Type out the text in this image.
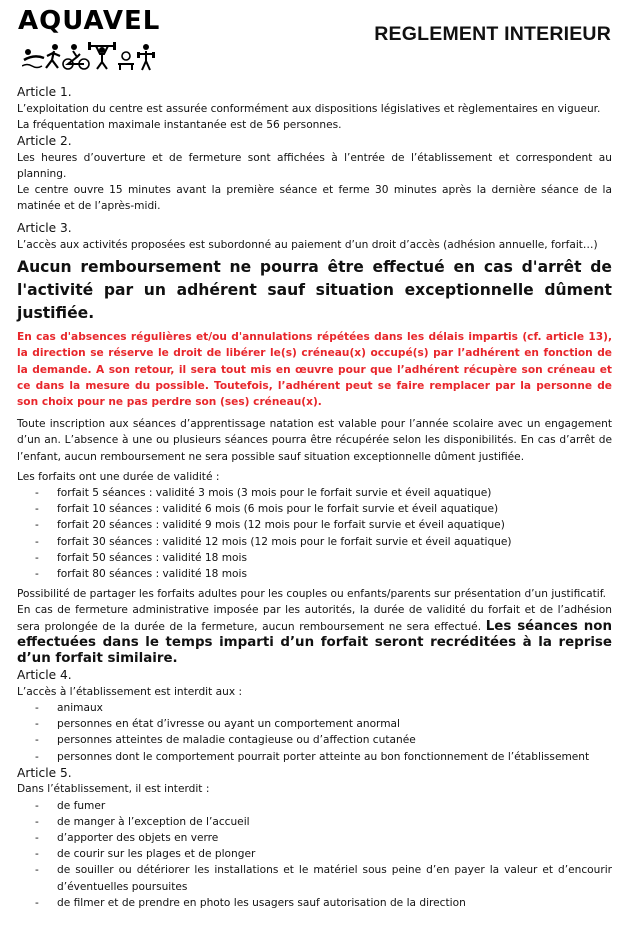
AQUAVEL	REGLEMENT INTERIEUR
Article 1.

L’exploitation du centre est assurée conformément aux dispositions législatives et règlementaires en vigueur.

La fréquentation maximale instantanée est de 56 personnes.

Article 2.

Les heures d’ouverture et de fermeture sont affichées à l’entrée de l’établissement et correspondent au planning.

Le centre ouvre 15 minutes avant la première séance et ferme 30 minutes après la dernière séance de la matinée et de l’après-midi.

Article 3.

L’accès aux activités proposées est subordonné au paiement d’un droit d’accès (adhésion annuelle, forfait…)

Aucun remboursement ne pourra être effectué en cas d'arrêt de l'activité par un adhérent sauf situation exceptionnelle dûment justifiée.

En cas d'absences régulières et/ou d'annulations répétées dans les délais impartis (cf. article 13), la direction se réserve le droit de libérer le(s) créneau(x) occupé(s) par l’adhérent en fonction de la demande. A son retour, il sera tout mis en œuvre pour que l’adhérent récupère son créneau et ce dans la mesure du possible. Toutefois, l’adhérent peut se faire remplacer par la personne de son choix pour ne pas perdre son (ses) créneau(x).

Toute inscription aux séances d’apprentissage natation est valable pour l’année scolaire avec un engagement d’un an. L’absence à une ou plusieurs séances pourra être récupérée selon les disponibilités. En cas d’arrêt de l’enfant, aucun remboursement ne sera possible sauf situation exceptionnelle dûment justifiée.

Les forfaits ont une durée de validité :

- forfait 5 séances : validité 3 mois (3 mois pour le forfait survie et éveil aquatique)
- forfait 10 séances : validité 6 mois (6 mois pour le forfait survie et éveil aquatique)
- forfait 20 séances : validité 9 mois (12 mois pour le forfait survie et éveil aquatique)
- forfait 30 séances : validité 12 mois (12 mois pour le forfait survie et éveil aquatique)
- forfait 50 séances : validité 18 mois
- forfait 80 séances : validité 18 mois

Possibilité de partager les forfaits adultes pour les couples ou enfants/parents sur présentation d’un justificatif.

En cas de fermeture administrative imposée par les autorités, la durée de validité du forfait et de l’adhésion sera prolongée de la durée de la fermeture, aucun remboursement ne sera effectué. Les séances non effectuées dans le temps imparti d’un forfait seront recréditées à la reprise d’un forfait similaire.

Article 4.

L’accès à l’établissement est interdit aux :

- animaux
- personnes en état d’ivresse ou ayant un comportement anormal
- personnes atteintes de maladie contagieuse ou d’affection cutanée
- personnes dont le comportement pourrait porter atteinte au bon fonctionnement de l’établissement
Article 5.

Dans l’établissement, il est interdit :

- de fumer
- de manger à l’exception de l’accueil
- d’apporter des objets en verre
- de courir sur les plages et de plonger
- de souiller ou détériorer les installations et le matériel sous peine d’en payer la valeur et d’encourir d’éventuelles poursuites
- de filmer et de prendre en photo les usagers sauf autorisation de la direction
